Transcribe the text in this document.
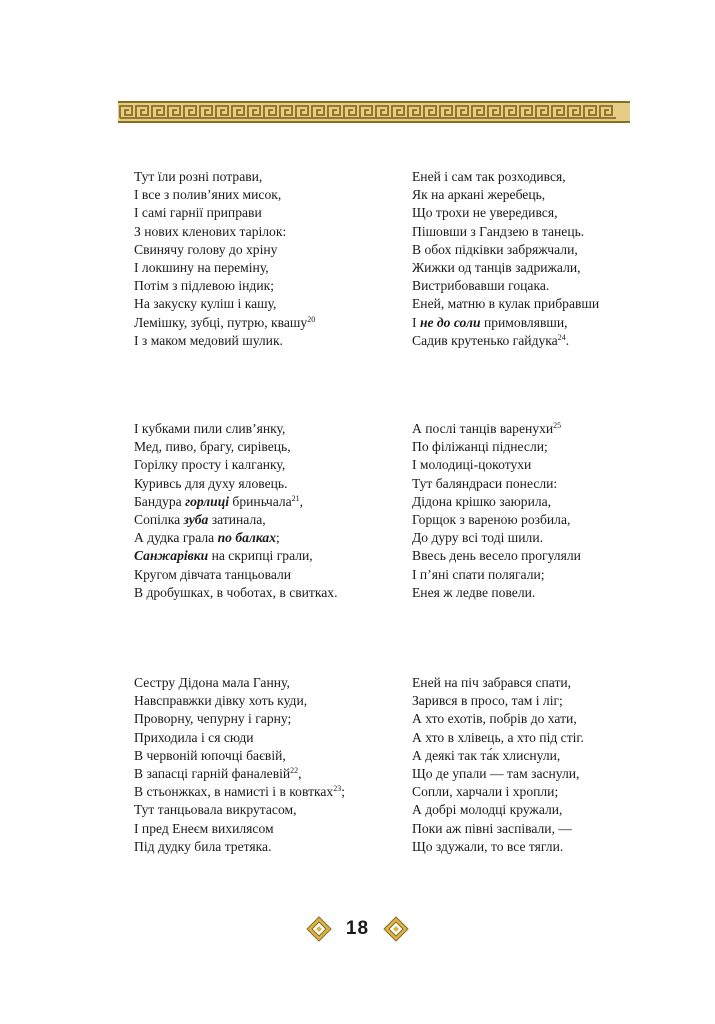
Тут їли розні потрави,
І все з полив’яних мисок,
І самі гарнії приправи
З нових кленових тарілок:
Свинячу голову до хріну
І локшину на переміну,
Потім з підлевою індик;
На закуску куліш і кашу,
Лемішку, зубці, путрю, квашу$^{20}$
І з маком медовий шулик.
Еней і сам так розходився,
Як на аркані жеребець,
Що трохи не увередився,
Пішовши з Гандзею в танець.
В обох підківки забряжчали,
Жижки од танців задрижали,
Вистрибовавши гоцака.
Еней, матню в кулак прибравши
І не до соли примовлявши,
Садив крутенько гайдука$^{24}$.
І кубками пили слив’янку,
Мед, пиво, брагу, сирівець,
Горілку просту і калганку,
Куривсь для духу яловець.
Бандура горлиці бриньчала$^{21}$,
Сопілка зуба затинала,
А дудка грала по балках;
Санжарівки на скрипці грали,
Кругом дівчата танцьовали
В дробушках, в чоботах, в свитках.
А послі танців варенухи$^{25}$
По філіжанці піднесли;
І молодиці-цокотухи
Тут баляндраси понесли:
Дідона крішко заюрила,
Горщок з вареною розбила,
До дуру всі тоді шили.
Ввесь день весело прогуляли
І п’яні спати полягали;
Енея ж ледве повели.
Сестру Дідона мала Ганну,
Навсправжки дівку хоть куди,
Проворну, чепурну і гарну;
Приходила і ся сюди
В червоній юпочці баєвій,
В запасці гарній фаналевій$^{22}$,
В стьонжках, в намисті і в ковтках$^{23}$;
Тут танцьовала викрутасом,
І пред Енеєм вихилясом
Під дудку била третяка.
Еней на піч забрався спати,
Зарився в просо, там і ліг;
А хто ехотів, побрів до хати,
А хто в хлівець, а хто під стіг.
А деякі так та́к хлиснули,
Що де упали — там заснули,
Сопли, харчали і хропли;
А добрі молодці кружали,
Поки аж півні заспівали, —
Що здужали, то все тягли.
18
